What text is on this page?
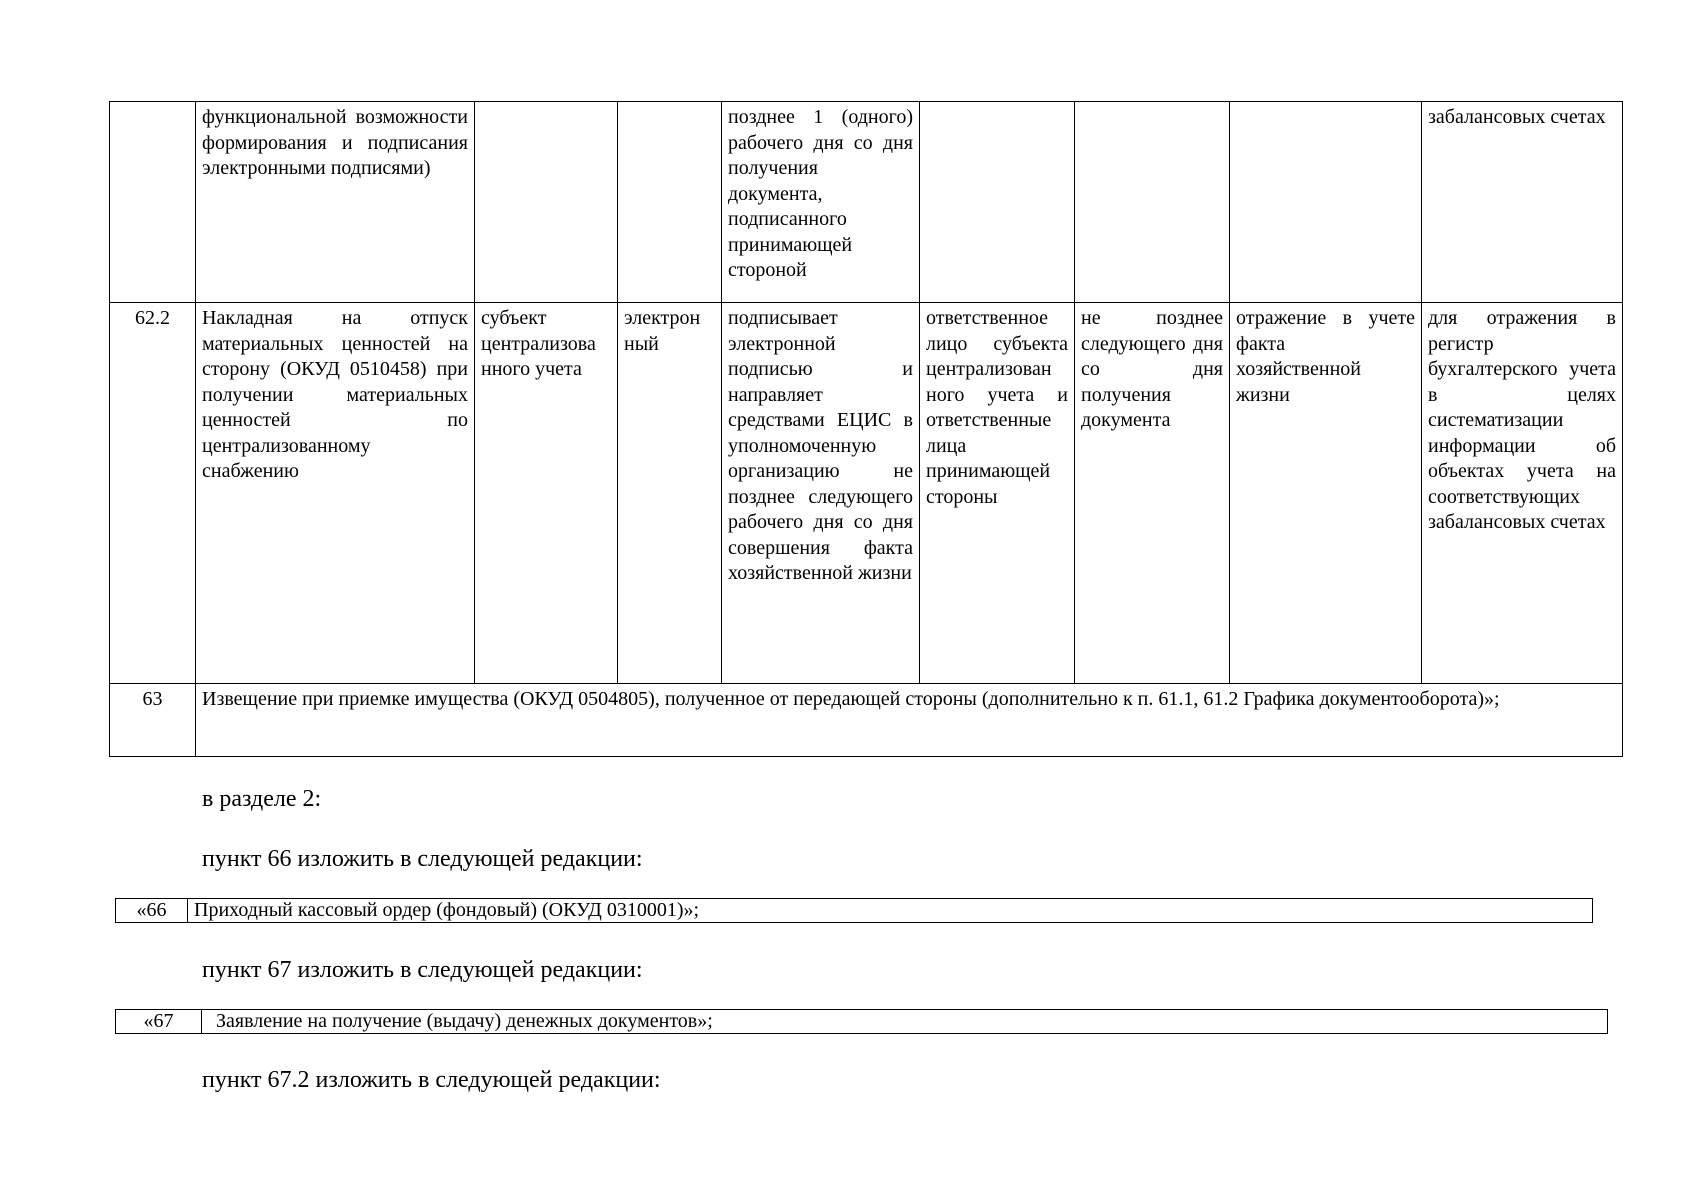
	функциональной возможности формирования и подписания электронными подписями)			позднее 1 (одного) рабочего дня со дня получения документа, подписанного принимающей стороной				забалансовых счетах
62.2	Накладная на отпуск материальных ценностей на сторону (ОКУД 0510458) при получении материальных ценностей по централизованному снабжению	субъект централизова нного учета	электрон ный	подписывает электронной подписью и направляет средствами ЕЦИС в уполномоченную организацию не позднее следующего рабочего дня со дня совершения факта хозяйственной жизни	ответственное лицо субъекта централизован ного учета и ответственные лица принимающей стороны	не позднее следующего дня со дня получения документа	отражение в учете факта хозяйственной жизни	для отражения в регистр бухгалтерского учета в целях систематизации информации об объектах учета на соответствующих забалансовых счетах
63	Извещение при приемке имущества (ОКУД 0504805), полученное от передающей стороны (дополнительно к п. 61.1, 61.2 Графика документооборота)»;							

в разделе 2:

пункт 66 изложить в следующей редакции:

«66	Приходный кассовый ордер (фондовый) (ОКУД 0310001)»;

пункт 67 изложить в следующей редакции:

«67	Заявление на получение (выдачу) денежных документов»;

пункт 67.2 изложить в следующей редакции:
